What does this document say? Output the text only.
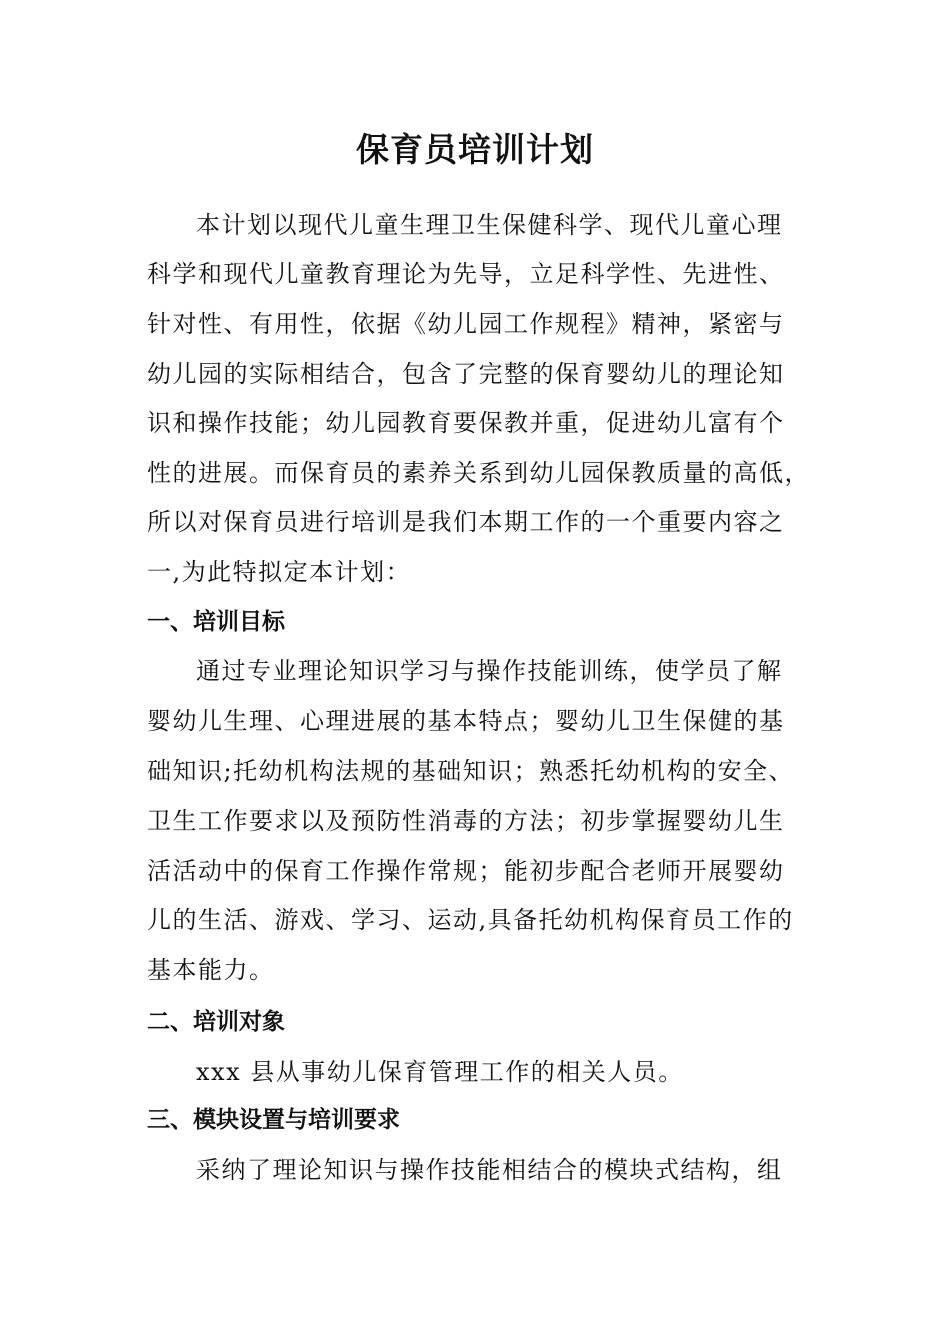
保育员培训计划
本计划以现代儿童生理卫生保健科学、现代儿童心理
科学和现代儿童教育理论为先导，立足科学性、先进性、
针对性、有用性，依据《幼儿园工作规程》精神，紧密与
幼儿园的实际相结合，包含了完整的保育婴幼儿的理论知
识和操作技能；幼儿园教育要保教并重，促进幼儿富有个
性的进展。而保育员的素养关系到幼儿园保教质量的高低，
所以对保育员进行培训是我们本期工作的一个重要内容之
一,为此特拟定本计划：
一、培训目标
通过专业理论知识学习与操作技能训练，使学员了解
婴幼儿生理、心理进展的基本特点；婴幼儿卫生保健的基
础知识;托幼机构法规的基础知识；熟悉托幼机构的安全、
卫生工作要求以及预防性消毒的方法；初步掌握婴幼儿生
活活动中的保育工作操作常规；能初步配合老师开展婴幼
儿的生活、游戏、学习、运动,具备托幼机构保育员工作的
基本能力。
二、培训对象
xxx 县从事幼儿保育管理工作的相关人员。
三、模块设置与培训要求
采纳了理论知识与操作技能相结合的模块式结构，组
